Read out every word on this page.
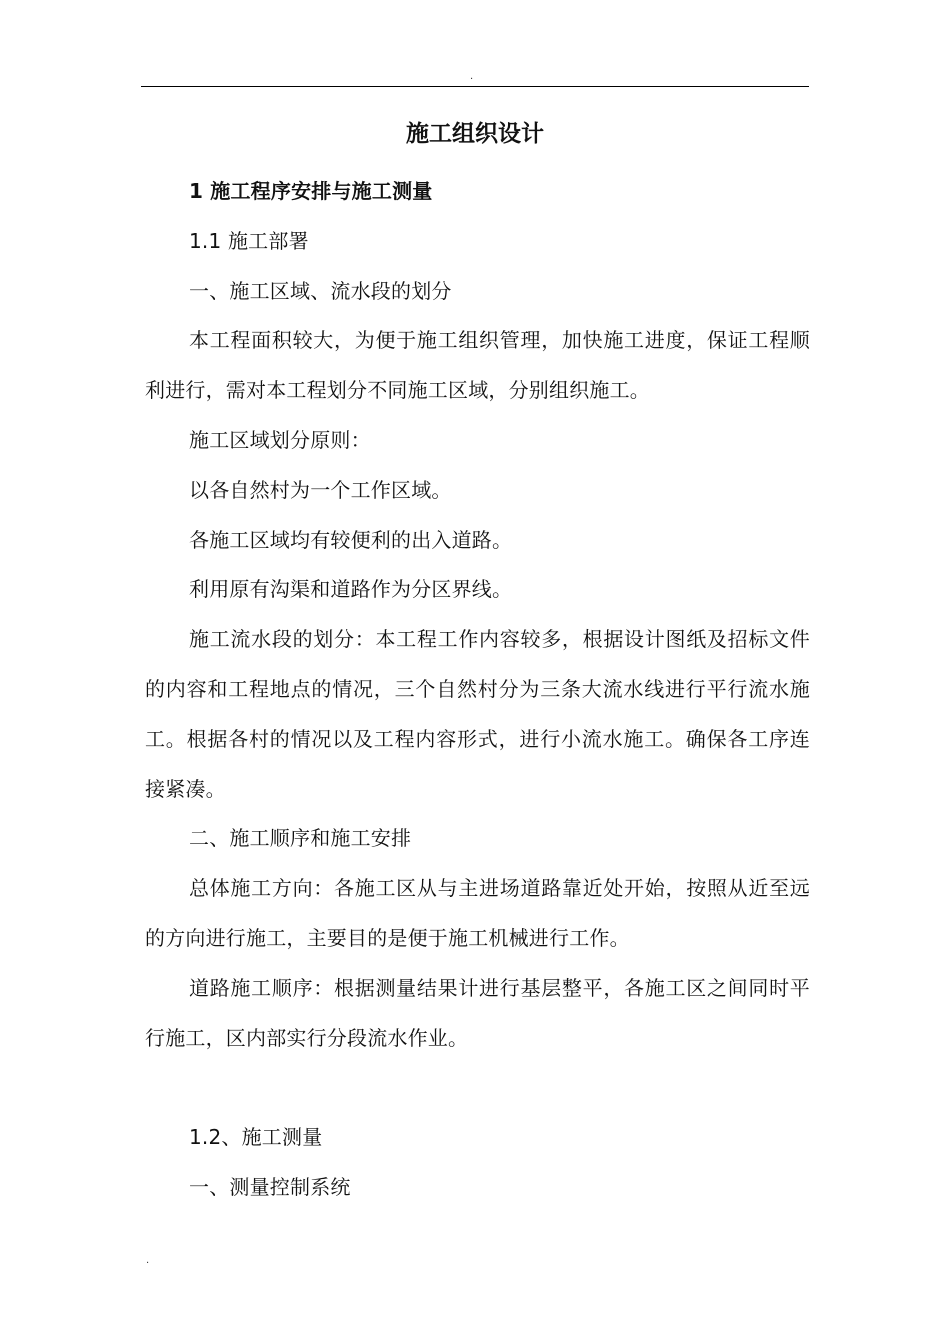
.
施工组织设计

1 施工程序安排与施工测量

1.1 施工部署

一、施工区域、流水段的划分

本工程面积较大，为便于施工组织管理，加快施工进度，保证工程顺利进行，需对本工程划分不同施工区域，分别组织施工。

施工区域划分原则：

以各自然村为一个工作区域。

各施工区域均有较便利的出入道路。

利用原有沟渠和道路作为分区界线。

施工流水段的划分：本工程工作内容较多，根据设计图纸及招标文件的内容和工程地点的情况，三个自然村分为三条大流水线进行平行流水施工。根据各村的情况以及工程内容形式，进行小流水施工。确保各工序连接紧凑。

二、施工顺序和施工安排

总体施工方向：各施工区从与主进场道路靠近处开始，按照从近至远的方向进行施工，主要目的是便于施工机械进行工作。

道路施工顺序：根据测量结果计进行基层整平，各施工区之间同时平行施工，区内部实行分段流水作业。

1.2、施工测量

一、测量控制系统

.
